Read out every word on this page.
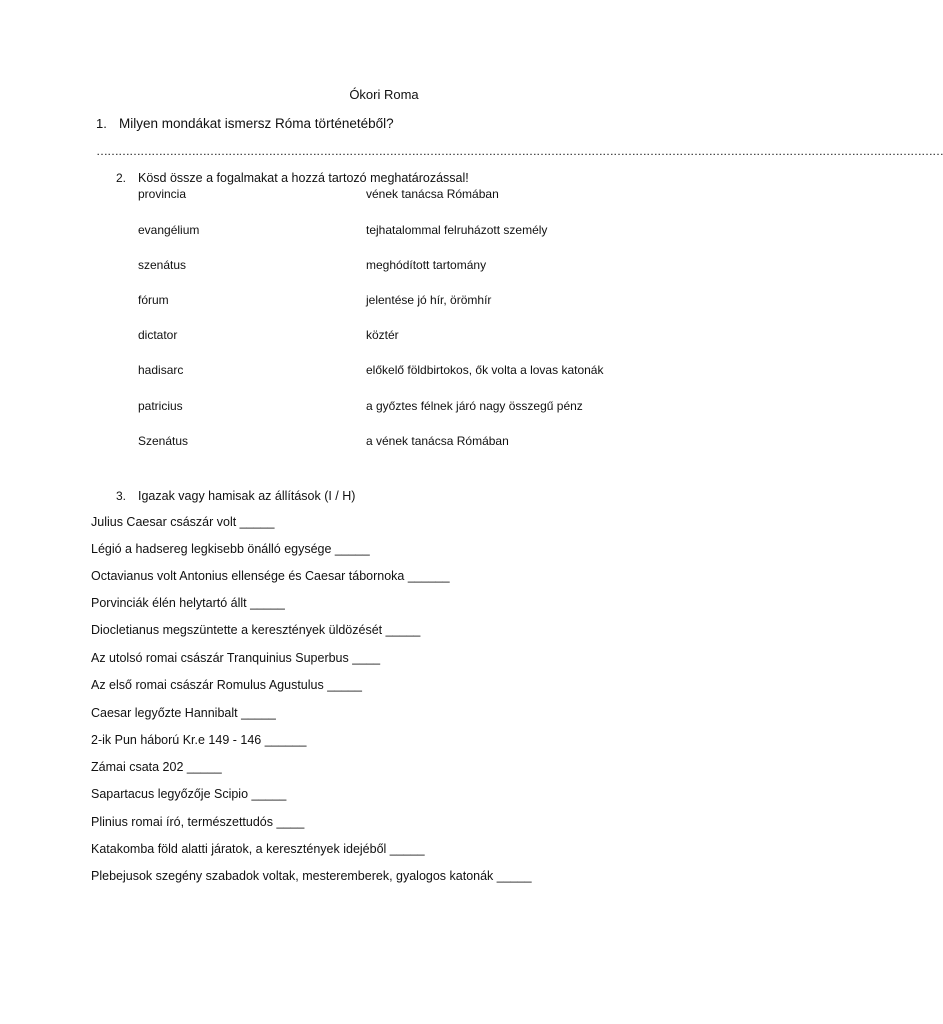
Ókori Roma
1. Milyen mondákat ismersz Róma történetéből?
……………………………………………………………………………………………………………………………………………………………………………………………………………
2. Kösd össze a fogalmakat a hozzá tartozó meghatározással!
provincia	vének tanácsa Rómában
evangélium	tejhatalommal felruházott személy
szenátus	meghódított tartomány
fórum	jelentése jó hír, örömhír
dictator	köztér
hadisarc	előkelő földbirtokos, ők volta a lovas katonák
patricius	a győztes félnek járó nagy összegű pénz
Szenátus	a vének tanácsa Rómában
3. Igazak vagy hamisak az állítások (I / H)
Julius Caesar császár volt _____
Légió a hadsereg legkisebb önálló egysége _____
Octavianus volt Antonius ellensége és Caesar tábornoka ______
Porvinciák élén helytartó állt _____
Diocletianus megszüntette a keresztények üldözését _____
Az utolsó romai császár Tranquinius Superbus ____
Az első romai császár Romulus Agustulus _____
Caesar legyőzte Hannibalt _____
2-ik Pun háború Kr.e 149 - 146 ______
Zámai csata 202 _____
Sapartacus legyőzője Scipio _____
Plinius romai író, természettudós ____
Katakomba föld alatti járatok, a keresztények idejéből _____
Plebejusok szegény szabadok voltak, mesteremberek, gyalogos katonák _____
